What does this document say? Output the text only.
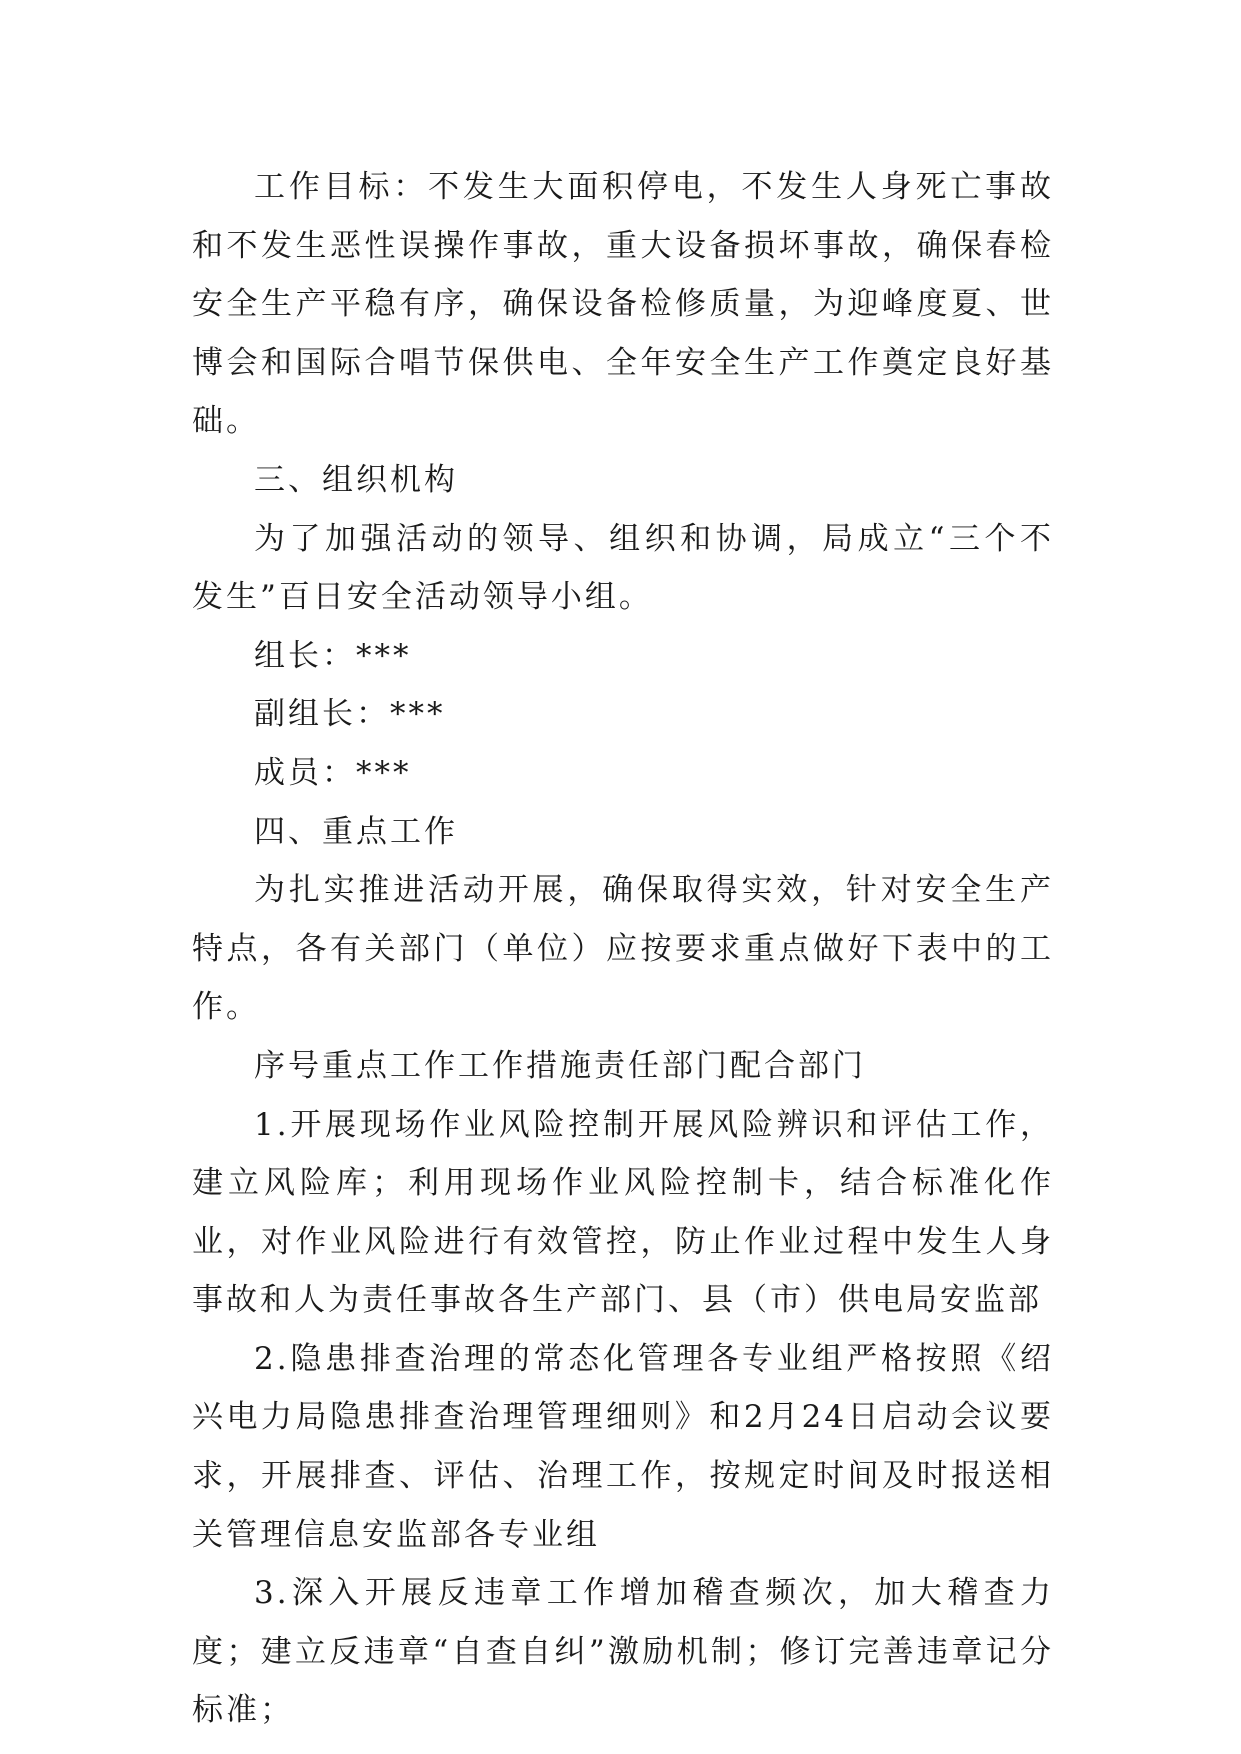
工作目标：不发生大面积停电，不发生人身死亡事故和不发生恶性误操作事故，重大设备损坏事故，确保春检安全生产平稳有序，确保设备检修质量，为迎峰度夏、世博会和国际合唱节保供电、全年安全生产工作奠定良好基础。

三、组织机构

为了加强活动的领导、组织和协调，局成立“三个不发生”百日安全活动领导小组。

组长：***

副组长：***

成员：***

四、重点工作

为扎实推进活动开展，确保取得实效，针对安全生产特点，各有关部门（单位）应按要求重点做好下表中的工作。

序号重点工作工作措施责任部门配合部门

1.开展现场作业风险控制开展风险辨识和评估工作，建立风险库；利用现场作业风险控制卡，结合标准化作业，对作业风险进行有效管控，防止作业过程中发生人身事故和人为责任事故各生产部门、县（市）供电局安监部

2.隐患排查治理的常态化管理各专业组严格按照《绍兴电力局隐患排查治理管理细则》和2月24日启动会议要求，开展排查、评估、治理工作，按规定时间及时报送相关管理信息安监部各专业组

3.深入开展反违章工作增加稽查频次，加大稽查力度；建立反违章“自查自纠”激励机制；修订完善违章记分标准；
